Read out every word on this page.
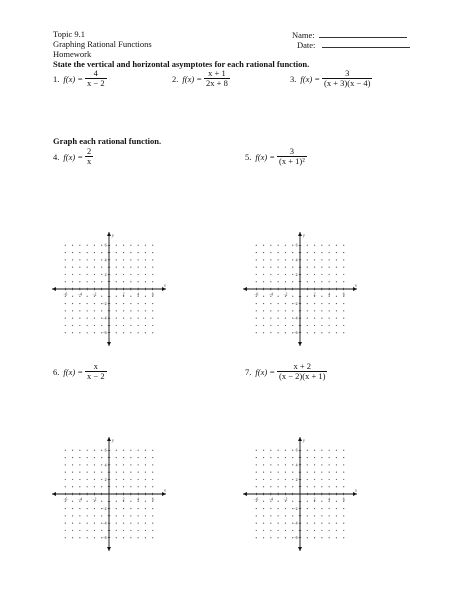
Topic 9.1
Graphing Rational Functions
Homework
Name:
Date:
State the vertical and horizontal asymptotes for each rational function.
1. $f(x) = \frac{4}{x - 2}$	2. $f(x) = \frac{x + 1}{2x + 8}$	3. $f(x) = \frac{3}{(x + 3)(x - 4)}$
Graph each rational function.
4. $f(x) = \frac{2}{x}$	5. $f(x) = \frac{3}{\text{(x + 1)²}}$
6. $f(x) = \frac{x}{x - 2}$	7. $f(x) = \frac{x + 2}{(x - 2)(x + 1)}$
−6	−4	−2	2	4	6
6
4
2
−2
−4
−6
x
y
−6	−4	−2	2	4	6
6
4
2
−2
−4
−6
x
y
−6	−4	−2	2	4	6
6
4
2
−2
−4
−6
x
y
−6	−4	−2	2	4	6
6
4
2
−2
−4
−6
x
y
